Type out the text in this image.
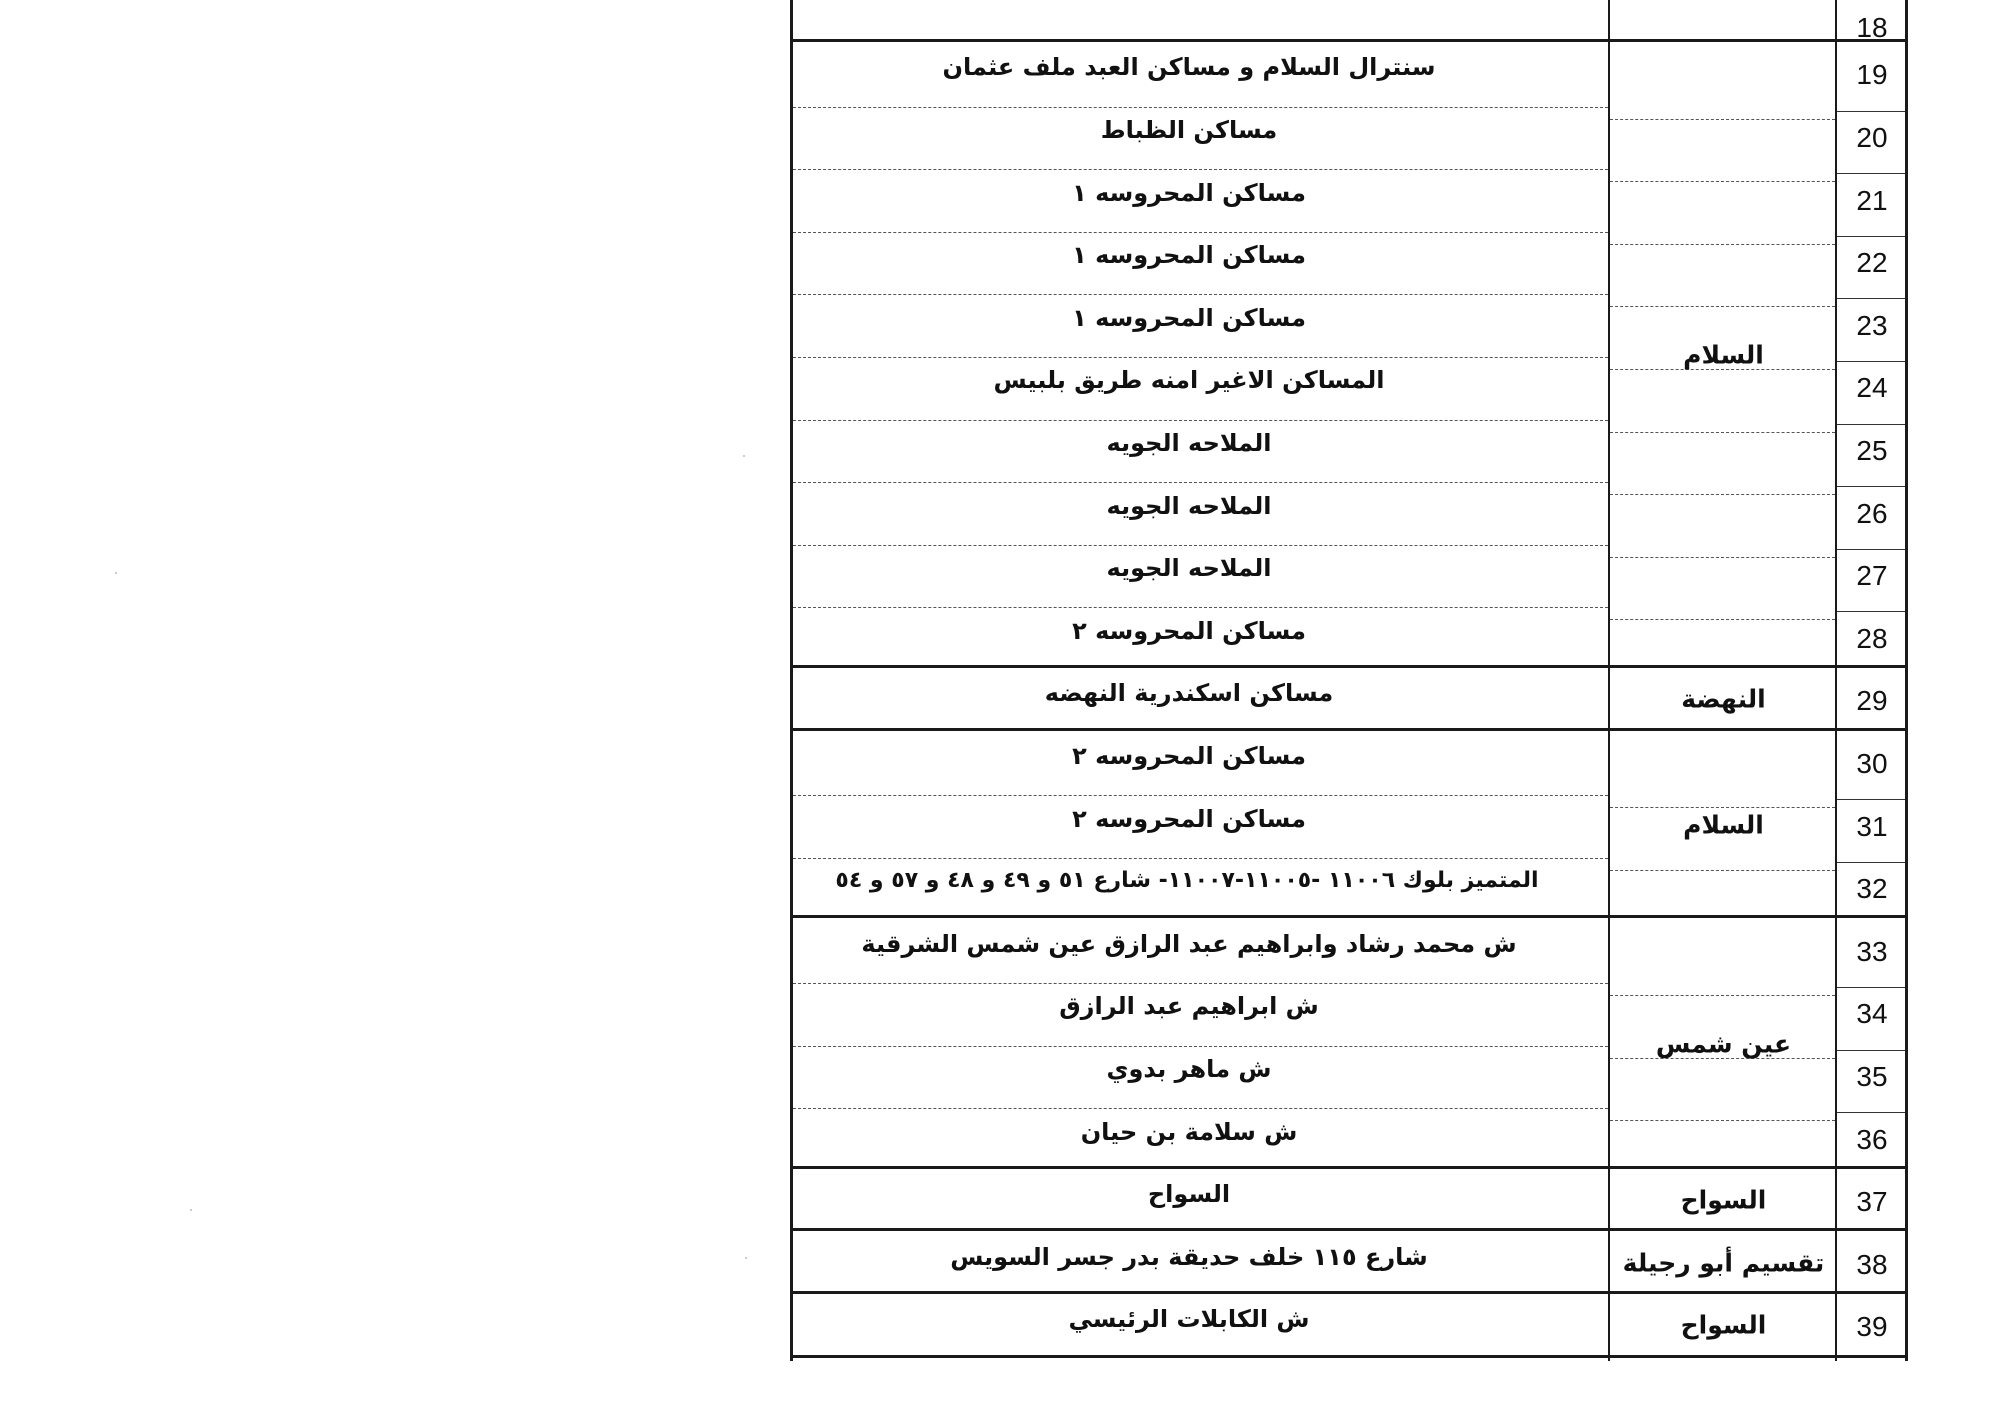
18
19
سنترال السلام و مساكن العبد ملف عثمان
20
مساكن الظباط
21
مساكن المحروسه ١
22
مساكن المحروسه ١
23
مساكن المحروسه ١
24
المساكن الاغير امنه طريق بلبيس
25
الملاحه الجويه
26
الملاحه الجويه
27
الملاحه الجويه
28
مساكن المحروسه ٢
29
مساكن اسكندرية النهضه
30
مساكن المحروسه ٢
31
مساكن المحروسه ٢
32
المتميز بلوك ١١٠٠٦ -١١٠٠٥-١١٠٠٧- شارع ٥١ و ٤٩ و ٤٨ و ٥٧ و ٥٤
33
ش محمد رشاد وابراهيم عبد الرازق عين شمس الشرقية
34
ش ابراهيم عبد الرازق
35
ش ماهر بدوي
36
ش سلامة بن حيان
37
السواح
38
شارع ١١٥ خلف حديقة بدر جسر السويس
39
ش الكابلات الرئيسي
السلام
النهضة
السلام
عين شمس
السواح
تقسيم أبو رجيلة
السواح
